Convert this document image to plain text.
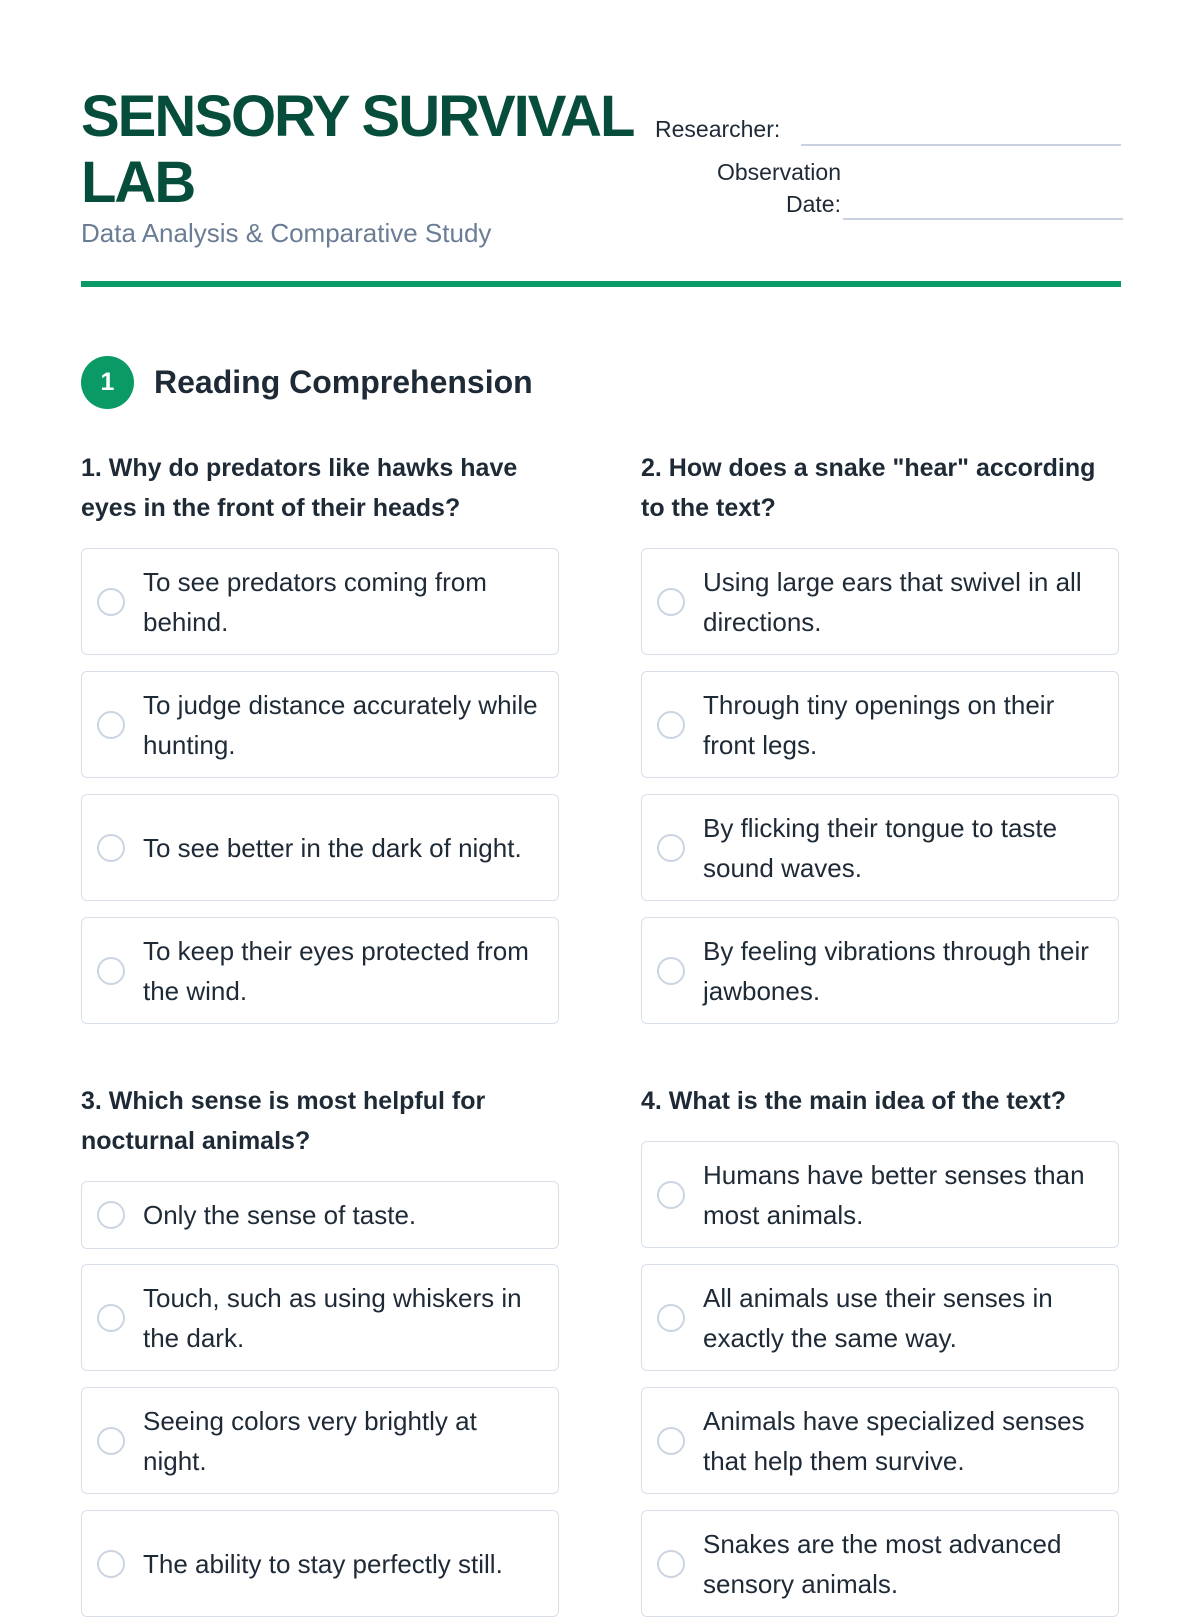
SENSORY SURVIVAL LAB
Data Analysis & Comparative Study
Researcher:
Observation
Date:
1	Reading Comprehension

1. Why do predators like hawks have eyes in the front of their heads?

To see predators coming from behind.
To judge distance accurately while hunting.
To see better in the dark of night.
To keep their eyes protected from the wind.

2. How does a snake "hear" according to the text?

Using large ears that swivel in all directions.
Through tiny openings on their front legs.
By flicking their tongue to taste sound waves.
By feeling vibrations through their jawbones.

3. Which sense is most helpful for nocturnal animals?

Only the sense of taste.
Touch, such as using whiskers in the dark.
Seeing colors very brightly at night.
The ability to stay perfectly still.

4. What is the main idea of the text?

Humans have better senses than most animals.
All animals use their senses in exactly the same way.
Animals have specialized senses that help them survive.
Snakes are the most advanced sensory animals.
